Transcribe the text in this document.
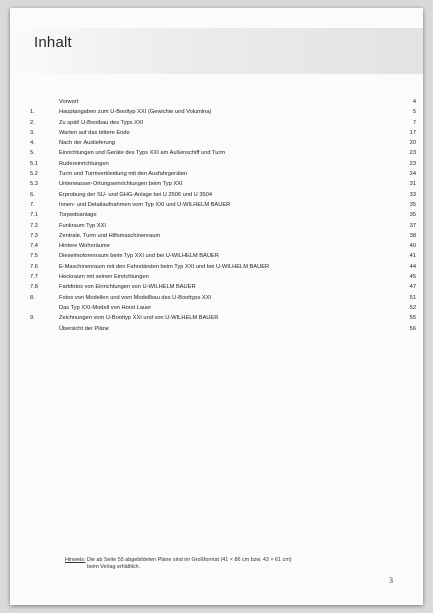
Inhalt
Vorwort	4
1.	Hauptangaben zum U-Boottyp XXI (Gewichte und Volumina)	5
2.	Zu spät! U-Bootbau des Typs XXI	7
3.	Warten auf das bittere Ende	17
4.	Nach der Auslieferung	20
5.	Einrichtungen und Geräte des Typs XXI am Außenschiff und Turm	23
5.1	Rudereinrichtungen	23
5.2	Turm und Turmverkleidung mit den Ausfahrgeräten	24
5.3	Unterwasser-Ortungseinrichtungen beim Typ XXI	31
6.	Erprobung der SU- und GHG-Anlage bei U 2506 und U 3504	33
7.	Innen- und Detailaufnahmen vom Typ XXI und U-WILHELM BAUER	35
7.1	Torpedoanlage	35
7.2	Funkraum Typ XXI	37
7.3	Zentrale, Turm und Hilfsmaschinenraum	38
7.4	Hintere Wohnräume	40
7.5	Dieselmotorenraum beim Typ XXI und bei U-WILHELM BAUER	41
7.6	E-Maschinenraum mit den Fahrständen beim Typ XXI und bei U-WILHELM BAUER	44
7.7	Heckraum mit seinen Einrichtungen	45
7.8	Farbfotos von Einrichtungen von U-WILHELM BAUER	47
8.	Fotos von Modellen und vom Modellbau des U-Boottyps XXI	51
Das Typ XXI-Modell von Horst Lauer	52
9.	Zeichnungen vom U-Boottyp XXI und von U-WILHELM BAUER	55
Übersicht der Pläne	56
Hinweis: Die ab Seite 55 abgebildeten Pläne sind im Großformat (41 × 86 cm bzw. 43 × 61 cm)
beim Verlag erhältlich.
3
